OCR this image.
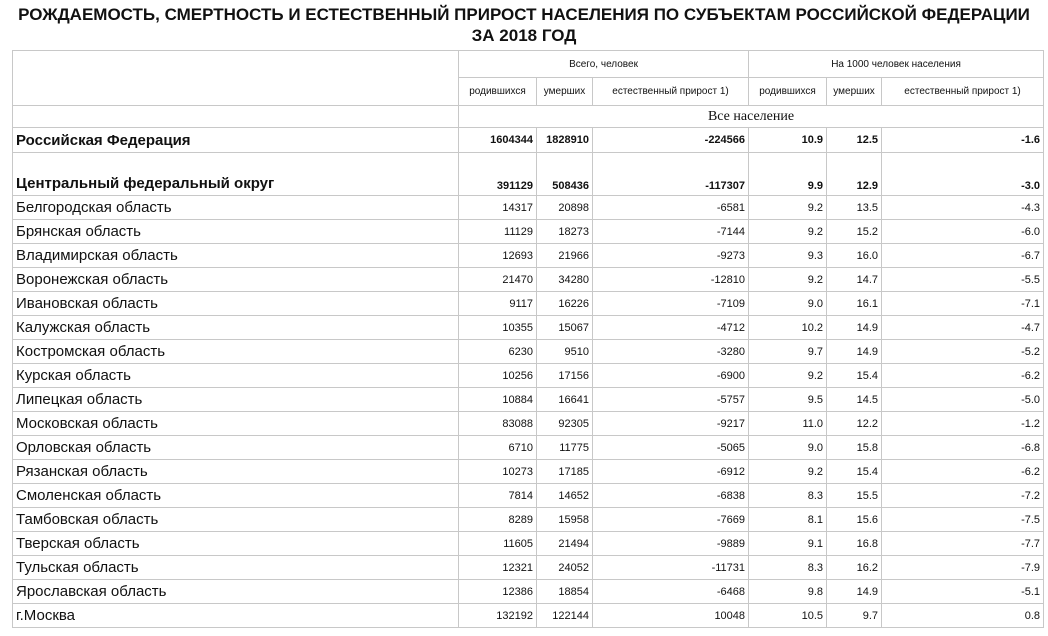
РОЖДАЕМОСТЬ, СМЕРТНОСТЬ И ЕСТЕСТВЕННЫЙ ПРИРОСТ НАСЕЛЕНИЯ ПО СУБЪЕКТАМ РОССИЙСКОЙ ФЕДЕРАЦИИ
ЗА 2018 ГОД
	Всего, человек			На 1000 человек населения		
	родившихся	умерших	естественный прирост 1)	родившихся	умерших	естественный прирост 1)
	Все население					
Российская Федерация	1604344	1828910	-224566	10.9	12.5	-1.6
Центральный федеральный округ	391129	508436	-117307	9.9	12.9	-3.0
Белгородская область	14317	20898	-6581	9.2	13.5	-4.3
Брянская область	11129	18273	-7144	9.2	15.2	-6.0
Владимирская область	12693	21966	-9273	9.3	16.0	-6.7
Воронежская область	21470	34280	-12810	9.2	14.7	-5.5
Ивановская область	9117	16226	-7109	9.0	16.1	-7.1
Калужская область	10355	15067	-4712	10.2	14.9	-4.7
Костромская область	6230	9510	-3280	9.7	14.9	-5.2
Курская область	10256	17156	-6900	9.2	15.4	-6.2
Липецкая область	10884	16641	-5757	9.5	14.5	-5.0
Московская область	83088	92305	-9217	11.0	12.2	-1.2
Орловская область	6710	11775	-5065	9.0	15.8	-6.8
Рязанская область	10273	17185	-6912	9.2	15.4	-6.2
Смоленская область	7814	14652	-6838	8.3	15.5	-7.2
Тамбовская область	8289	15958	-7669	8.1	15.6	-7.5
Тверская область	11605	21494	-9889	9.1	16.8	-7.7
Тульская область	12321	24052	-11731	8.3	16.2	-7.9
Ярославская область	12386	18854	-6468	9.8	14.9	-5.1
г.Москва	132192	122144	10048	10.5	9.7	0.8
